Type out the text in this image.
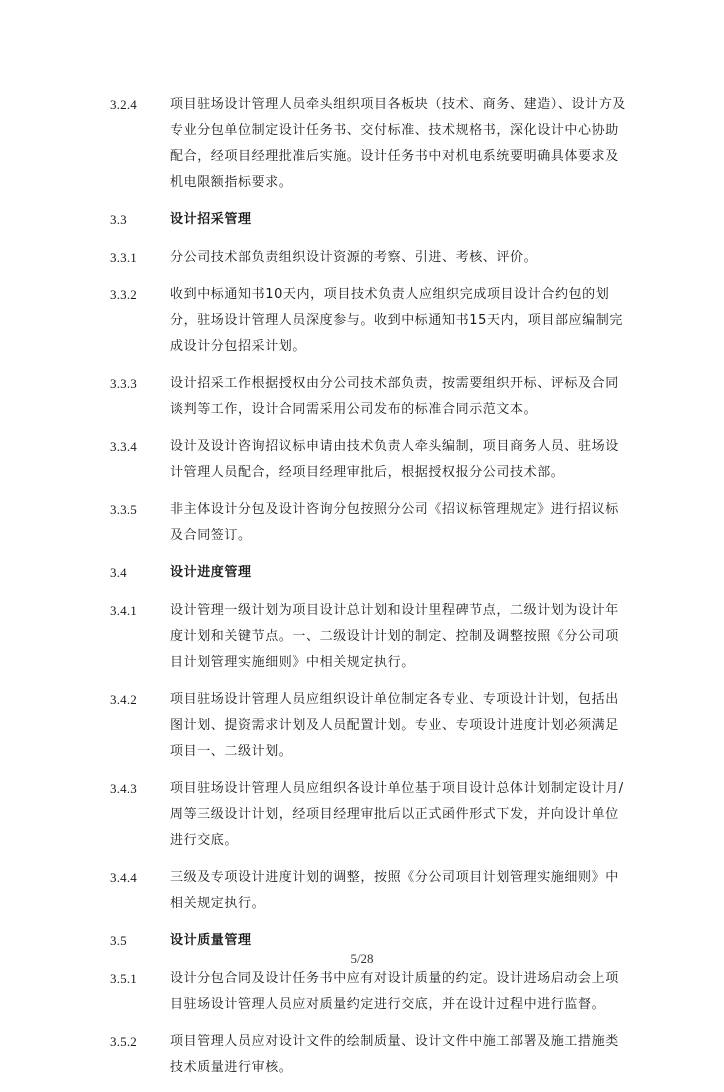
3.2.4	项目驻场设计管理人员牵头组织项目各板块（技术、商务、建造）、设计方及专业分包单位制定设计任务书、交付标准、技术规格书，深化设计中心协助配合，经项目经理批准后实施。设计任务书中对机电系统要明确具体要求及机电限额指标要求。
3.3	设计招采管理
3.3.1	分公司技术部负责组织设计资源的考察、引进、考核、评价。
3.3.2	收到中标通知书10天内，项目技术负责人应组织完成项目设计合约包的划分，驻场设计管理人员深度参与。收到中标通知书15天内，项目部应编制完成设计分包招采计划。
3.3.3	设计招采工作根据授权由分公司技术部负责，按需要组织开标、评标及合同谈判等工作，设计合同需采用公司发布的标准合同示范文本。
3.3.4	设计及设计咨询招议标申请由技术负责人牵头编制，项目商务人员、驻场设计管理人员配合，经项目经理审批后，根据授权报分公司技术部。
3.3.5	非主体设计分包及设计咨询分包按照分公司《招议标管理规定》进行招议标及合同签订。
3.4	设计进度管理
3.4.1	设计管理一级计划为项目设计总计划和设计里程碑节点，二级计划为设计年度计划和关键节点。一、二级设计计划的制定、控制及调整按照《分公司项目计划管理实施细则》中相关规定执行。
3.4.2	项目驻场设计管理人员应组织设计单位制定各专业、专项设计计划，包括出图计划、提资需求计划及人员配置计划。专业、专项设计进度计划必须满足项目一、二级计划。
3.4.3	项目驻场设计管理人员应组织各设计单位基于项目设计总体计划制定设计月/周等三级设计计划，经项目经理审批后以正式函件形式下发，并向设计单位进行交底。
3.4.4	三级及专项设计进度计划的调整，按照《分公司项目计划管理实施细则》中相关规定执行。
3.5	设计质量管理
3.5.1	设计分包合同及设计任务书中应有对设计质量的约定。设计进场启动会上项目驻场设计管理人员应对质量约定进行交底，并在设计过程中进行监督。
3.5.2	项目管理人员应对设计文件的绘制质量、设计文件中施工部署及施工措施类技术质量进行审核。
5/28
